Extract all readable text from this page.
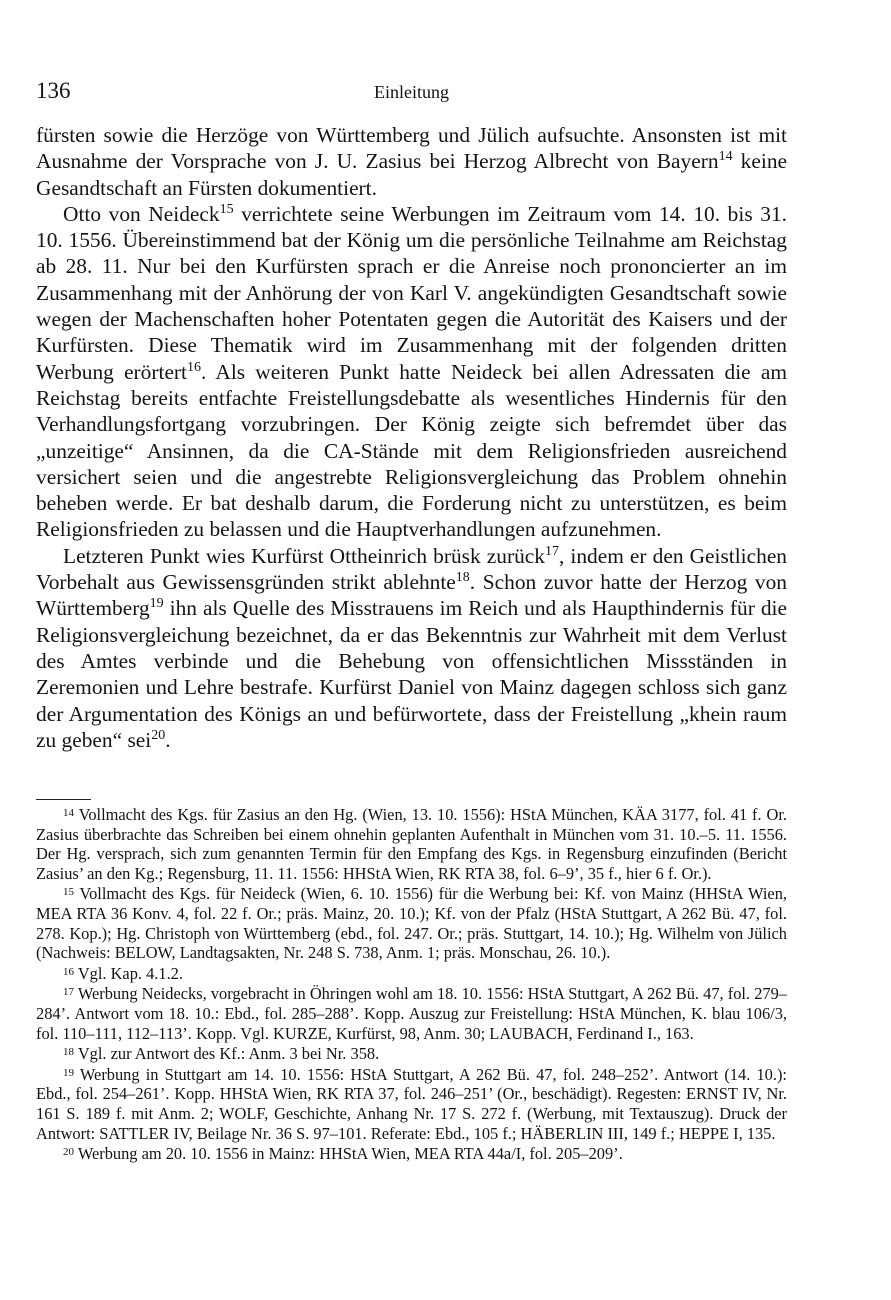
136	Einleitung

fürsten sowie die Herzöge von Württemberg und Jülich aufsuchte. Ansonsten ist mit Ausnahme der Vorsprache von J. U. Zasius bei Herzog Albrecht von Bayern$^{14}$ keine Gesandtschaft an Fürsten dokumentiert.

Otto von Neideck$^{15}$ verrichtete seine Werbungen im Zeitraum vom 14. 10. bis 31. 10. 1556. Übereinstimmend bat der König um die persönliche Teilnahme am Reichstag ab 28. 11. Nur bei den Kurfürsten sprach er die Anreise noch prononcierter an im Zusammenhang mit der Anhörung der von Karl V. angekündigten Gesandtschaft sowie wegen der Machenschaften hoher Potentaten gegen die Autorität des Kaisers und der Kurfürsten. Diese Thematik wird im Zusammenhang mit der folgenden dritten Werbung erörtert$^{16}$. Als weiteren Punkt hatte Neideck bei allen Adressaten die am Reichstag bereits entfachte Freistellungsdebatte als wesentliches Hindernis für den Verhandlungsfortgang vorzubringen. Der König zeigte sich befremdet über das „unzeitige“ Ansinnen, da die CA-Stände mit dem Religionsfrieden ausreichend versichert seien und die angestrebte Religionsvergleichung das Problem ohnehin beheben werde. Er bat deshalb darum, die Forderung nicht zu unterstützen, es beim Religionsfrieden zu belassen und die Hauptverhandlungen aufzunehmen.

Letzteren Punkt wies Kurfürst Ottheinrich brüsk zurück$^{17}$, indem er den Geistlichen Vorbehalt aus Gewissensgründen strikt ablehnte$^{18}$. Schon zuvor hatte der Herzog von Württemberg$^{19}$ ihn als Quelle des Misstrauens im Reich und als Haupthindernis für die Religionsvergleichung bezeichnet, da er das Bekenntnis zur Wahrheit mit dem Verlust des Amtes verbinde und die Behebung von offensichtlichen Missständen in Zeremonien und Lehre bestrafe. Kurfürst Daniel von Mainz dagegen schloss sich ganz der Argumentation des Königs an und befürwortete, dass der Freistellung „khein raum zu geben“ sei$^{20}$.

$^{14}$ Vollmacht des Kgs. für Zasius an den Hg. (Wien, 13. 10. 1556): HStA München, KÄA 3177, fol. 41 f. Or. Zasius überbrachte das Schreiben bei einem ohnehin geplanten Aufenthalt in München vom 31. 10.–5. 11. 1556. Der Hg. versprach, sich zum genannten Termin für den Empfang des Kgs. in Regensburg einzufinden (Bericht Zasius’ an den Kg.; Regensburg, 11. 11. 1556: HHStA Wien, RK RTA 38, fol. 6–9’, 35 f., hier 6 f. Or.).

$^{15}$ Vollmacht des Kgs. für Neideck (Wien, 6. 10. 1556) für die Werbung bei: Kf. von Mainz (HHStA Wien, MEA RTA 36 Konv. 4, fol. 22 f. Or.; präs. Mainz, 20. 10.); Kf. von der Pfalz (HStA Stuttgart, A 262 Bü. 47, fol. 278. Kop.); Hg. Christoph von Württemberg (ebd., fol. 247. Or.; präs. Stuttgart, 14. 10.); Hg. Wilhelm von Jülich (Nachweis: BELOW, Landtagsakten, Nr. 248 S. 738, Anm. 1; präs. Monschau, 26. 10.).

$^{16}$ Vgl. Kap. 4.1.2.

$^{17}$ Werbung Neidecks, vorgebracht in Öhringen wohl am 18. 10. 1556: HStA Stuttgart, A 262 Bü. 47, fol. 279–284’. Antwort vom 18. 10.: Ebd., fol. 285–288’. Kopp. Auszug zur Freistellung: HStA München, K. blau 106/3, fol. 110–111, 112–113’. Kopp. Vgl. KURZE, Kurfürst, 98, Anm. 30; LAUBACH, Ferdinand I., 163.

$^{18}$ Vgl. zur Antwort des Kf.: Anm. 3 bei Nr. 358.

$^{19}$ Werbung in Stuttgart am 14. 10. 1556: HStA Stuttgart, A 262 Bü. 47, fol. 248–252’. Antwort (14. 10.): Ebd., fol. 254–261’. Kopp. HHStA Wien, RK RTA 37, fol. 246–251’ (Or., beschädigt). Regesten: ERNST IV, Nr. 161 S. 189 f. mit Anm. 2; WOLF, Geschichte, Anhang Nr. 17 S. 272 f. (Werbung, mit Textauszug). Druck der Antwort: SATTLER IV, Beilage Nr. 36 S. 97–101. Referate: Ebd., 105 f.; HÄBERLIN III, 149 f.; HEPPE I, 135.

$^{20}$ Werbung am 20. 10. 1556 in Mainz: HHStA Wien, MEA RTA 44a/I, fol. 205–209’.
